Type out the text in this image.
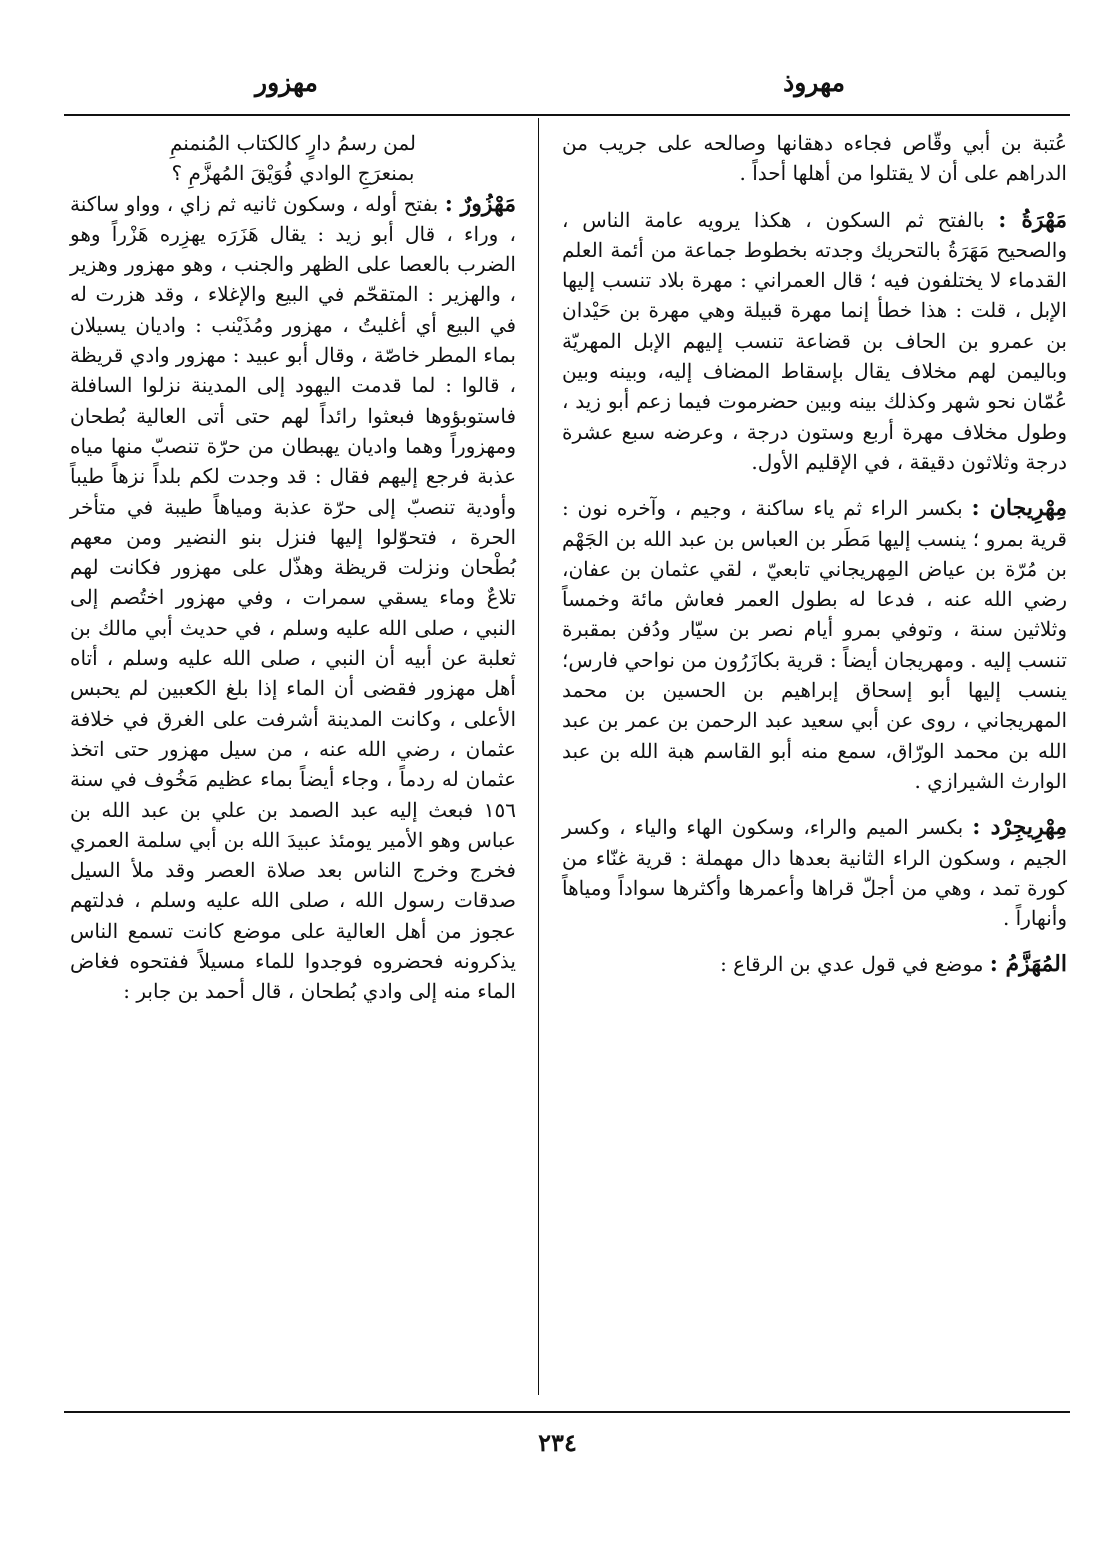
مهروذ
مهزور

عُتبة بن أبي وقّاص فجاءه دهقانها وصالحه على جريب من الدراهم على أن لا يقتلوا من أهلها أحداً .

مَهْرَةُ : بالفتح ثم السكون ، هكذا يرويه عامة الناس ، والصحيح مَهَرَةُ بالتحريك وجدته بخطوط جماعة من أئمة العلم القدماء لا يختلفون فيه ؛ قال العمراني : مهرة بلاد تنسب إليها الإبل ، قلت : هذا خطأ إنما مهرة قبيلة وهي مهرة بن حَيْدان بن عمرو بن الحاف بن قضاعة تنسب إليهم الإبل المهريّة وباليمن لهم مخلاف يقال بإسقاط المضاف إليه، وبينه وبين عُمّان نحو شهر وكذلك بينه وبين حضرموت فيما زعم أبو زيد ، وطول مخلاف مهرة أربع وستون درجة ، وعرضه سبع عشرة درجة وثلاثون دقيقة ، في الإقليم الأول.

مِهْرِيجان : بكسر الراء ثم ياء ساكنة ، وجيم ، وآخره نون : قرية بمرو ؛ ينسب إليها مَطَر بن العباس بن عبد الله بن الجَهْم بن مُرّة بن عياض المِهريجاني تابعيّ ، لقي عثمان بن عفان، رضي الله عنه ، فدعا له بطول العمر فعاش مائة وخمساً وثلاثين سنة ، وتوفي بمرو أيام نصر بن سيّار ودُفن بمقبرة تنسب إليه . ومهريجان أيضاً : قرية بكازَرُون من نواحي فارس؛ ينسب إليها أبو إسحاق إبراهيم بن الحسين بن محمد المهريجاني ، روى عن أبي سعيد عبد الرحمن بن عمر بن عبد الله بن محمد الورّاق، سمع منه أبو القاسم هبة الله بن عبد الوارث الشيرازي .

مِهْرِيجِرْد : بكسر الميم والراء، وسكون الهاء والياء ، وكسر الجيم ، وسكون الراء الثانية بعدها دال مهملة : قرية غنّاء من كورة تمد ، وهي من أجلّ قراها وأعمرها وأكثرها سواداً ومياهاً وأنهاراً .

المُهَزَّمُ : موضع في قول عدي بن الرقاع :

لمن رسمُ دارٍ كالكتاب المُنمنمِ
بمنعرَجِ الوادي فُوَيْقَ المُهزَّمِ ؟

مَهْزُورٌ : بفتح أوله ، وسكون ثانيه ثم زاي ، وواو ساكنة ، وراء ، قال أبو زيد : يقال هَزَرَه يهزِره هَزْراً وهو الضرب بالعصا على الظهر والجنب ، وهو مهزور وهزير ، والهزير : المتقحّم في البيع والإغلاء ، وقد هزرت له في البيع أي أغليتُ ، مهزور ومُذَيْنب : واديان يسيلان بماء المطر خاصّة ، وقال أبو عبيد : مهزور وادي قريظة ، قالوا : لما قدمت اليهود إلى المدينة نزلوا السافلة فاستوبؤوها فبعثوا رائداً لهم حتى أتى العالية بُطحان ومهزوراً وهما واديان يهبطان من حرّة تنصبّ منها مياه عذبة فرجع إليهم فقال : قد وجدت لكم بلداً نزهاً طيباً وأودية تنصبّ إلى حرّة عذبة ومياهاً طيبة في متأخر الحرة ، فتحوّلوا إليها فنزل بنو النضير ومن معهم بُطْحان ونزلت قريظة وهذّل على مهزور فكانت لهم تلاعٌ وماء يسقي سمرات ، وفي مهزور اختُصم إلى النبي ، صلى الله عليه وسلم ، في حديث أبي مالك بن ثعلبة عن أبيه أن النبي ، صلى الله عليه وسلم ، أتاه أهل مهزور فقضى أن الماء إذا بلغ الكعبين لم يحبس الأعلى ، وكانت المدينة أشرفت على الغرق في خلافة عثمان ، رضي الله عنه ، من سيل مهزور حتى اتخذ عثمان له ردماً ، وجاء أيضاً بماء عظيم مَخُوف في سنة ١٥٦ فبعث إليه عبد الصمد بن علي بن عبد الله بن عباس وهو الأمير يومئذ عبيدَ الله بن أبي سلمة العمري فخرج وخرج الناس بعد صلاة العصر وقد ملأ السيل صدقات رسول الله ، صلى الله عليه وسلم ، فدلتهم عجوز من أهل العالية على موضع كانت تسمع الناس يذكرونه فحضروه فوجدوا للماء مسيلاً ففتحوه فغاض الماء منه إلى وادي بُطحان ، قال أحمد بن جابر :

٢٣٤
